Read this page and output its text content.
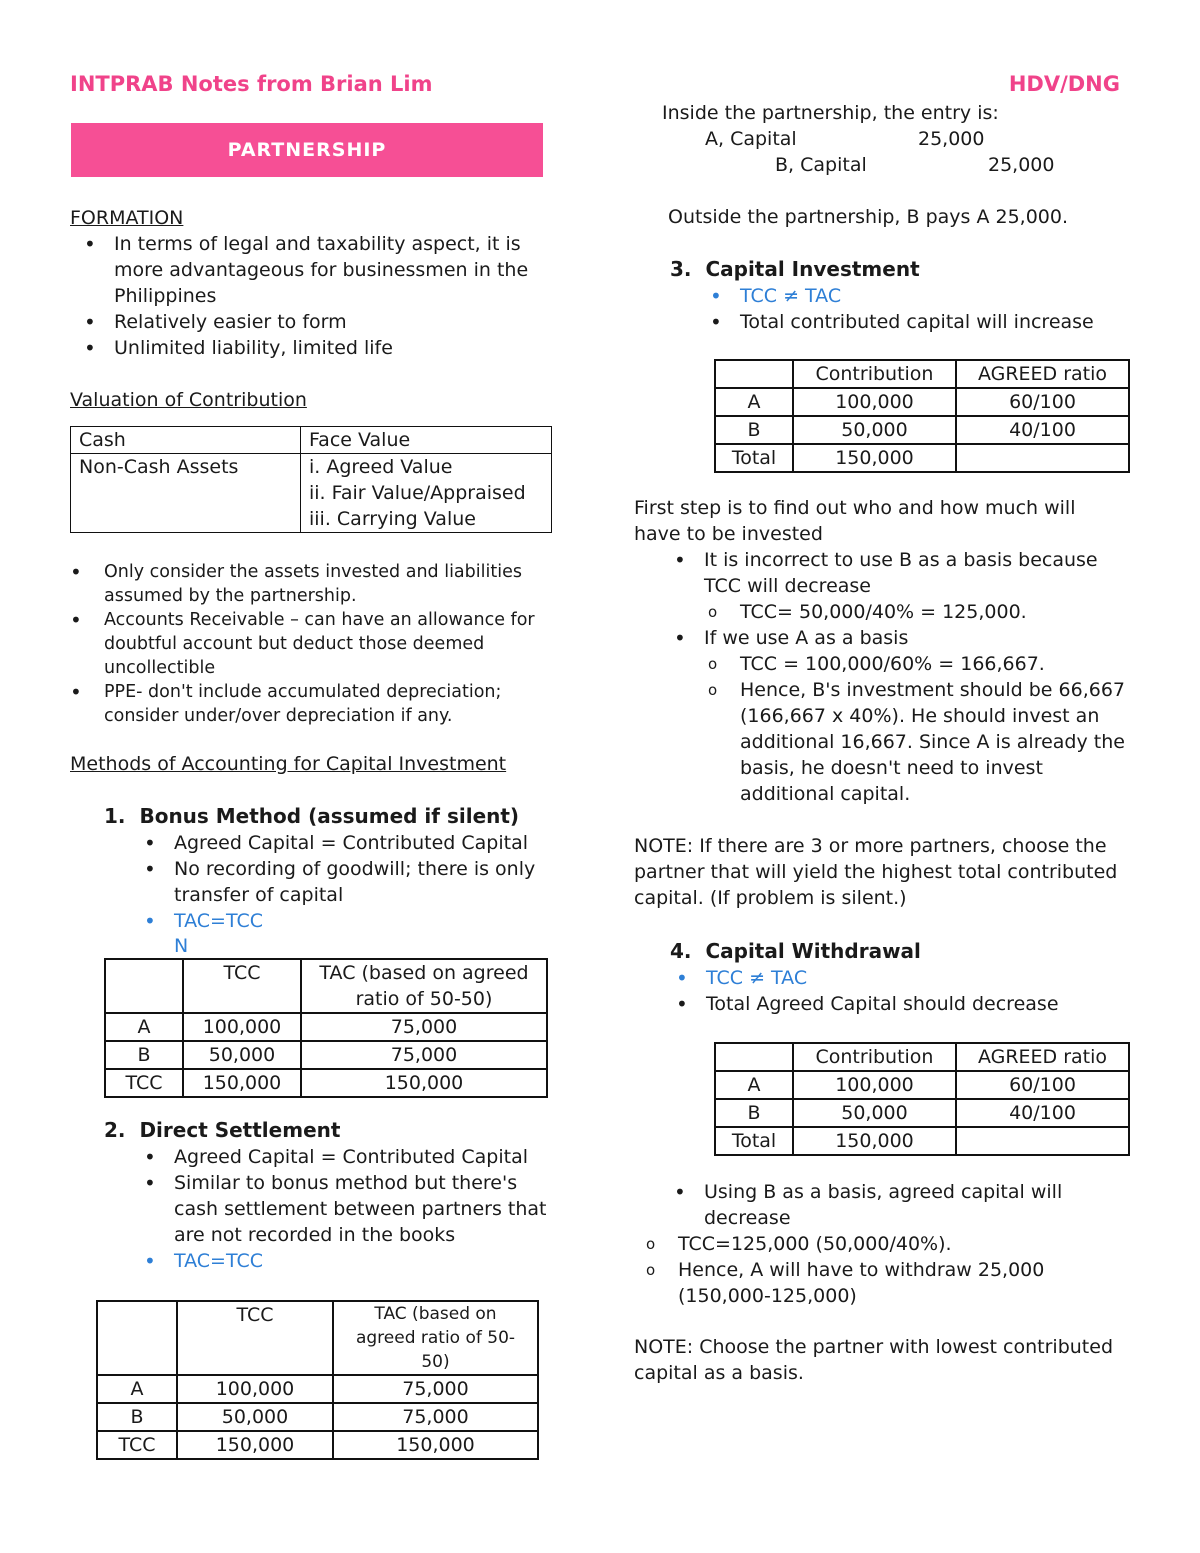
INTPRAB Notes from Brian Lim	HDV/DNG
PARTNERSHIP
FORMATION
• In terms of legal and taxability aspect, it is more advantageous for businessmen in the Philippines
• Relatively easier to form
• Unlimited liability, limited life
Valuation of Contribution
Cash	Face Value
Non-Cash Assets	i. Agreed Value
ii. Fair Value/Appraised
iii. Carrying Value
• Only consider the assets invested and liabilities assumed by the partnership.
• Accounts Receivable – can have an allowance for doubtful account but deduct those deemed uncollectible
• PPE- don't include accumulated depreciation; consider under/over depreciation if any.
Methods of Accounting for Capital Investment
1. Bonus Method (assumed if silent)
• Agreed Capital = Contributed Capital
• No recording of goodwill; there is only transfer of capital
• TAC=TCC
N
	TCC	TAC (based on agreed ratio of 50-50)
A	100,000	75,000
B	50,000	75,000
TCC	150,000	150,000
2. Direct Settlement
• Agreed Capital = Contributed Capital
• Similar to bonus method but there's cash settlement between partners that are not recorded in the books
• TAC=TCC
	TCC	TAC (based on agreed ratio of 50-50)
A	100,000	75,000
B	50,000	75,000
TCC	150,000	150,000
Inside the partnership, the entry is:
A, Capital	25,000
B, Capital	25,000
Outside the partnership, B pays A 25,000.
3. Capital Investment
• TCC ≠ TAC
• Total contributed capital will increase
	Contribution	AGREED ratio
A	100,000	60/100
B	50,000	40/100
Total	150,000	
First step is to find out who and how much will have to be invested
• It is incorrect to use B as a basis because TCC will decrease
o TCC= 50,000/40% = 125,000.
• If we use A as a basis
o TCC = 100,000/60% = 166,667.
o Hence, B's investment should be 66,667 (166,667 x 40%). He should invest an additional 16,667. Since A is already the basis, he doesn't need to invest additional capital.
NOTE: If there are 3 or more partners, choose the partner that will yield the highest total contributed capital. (If problem is silent.)
4. Capital Withdrawal
• TCC ≠ TAC
• Total Agreed Capital should decrease
	Contribution	AGREED ratio
A	100,000	60/100
B	50,000	40/100
Total	150,000	
• Using B as a basis, agreed capital will decrease
o TCC=125,000 (50,000/40%).
o Hence, A will have to withdraw 25,000 (150,000-125,000)
NOTE: Choose the partner with lowest contributed capital as a basis.
